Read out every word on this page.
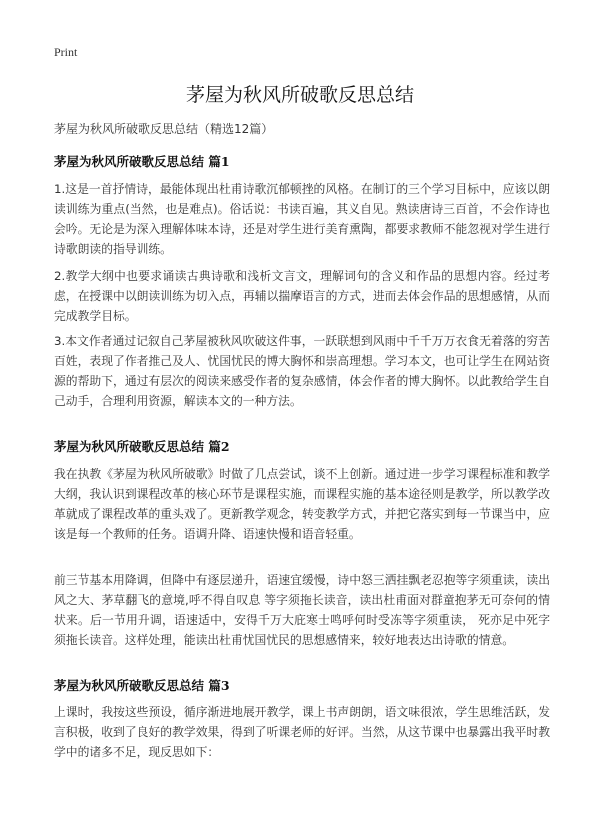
Print
茅屋为秋风所破歌反思总结
茅屋为秋风所破歌反思总结（精选12篇）
茅屋为秋风所破歌反思总结 篇1
1.这是一首抒情诗，最能体现出杜甫诗歌沉郁顿挫的风格。在制订的三个学习目标中，应该以朗读训练为重点(当然，也是难点)。俗话说：书读百遍，其义自见。熟读唐诗三百首，不会作诗也会吟。无论是为深入理解体味本诗，还是对学生进行美育熏陶，都要求教师不能忽视对学生进行诗歌朗读的指导训练。
2.教学大纲中也要求诵读古典诗歌和浅析文言文，理解词句的含义和作品的思想内容。经过考虑，在授课中以朗读训练为切入点，再辅以揣摩语言的方式，进而去体会作品的思想感情，从而完成教学目标。
3.本文作者通过记叙自己茅屋被秋风吹破这件事，一跃联想到风雨中千千万万衣食无着落的穷苦百姓，表现了作者推己及人、忧国忧民的博大胸怀和崇高理想。学习本文，也可让学生在网站资源的帮助下，通过有层次的阅读来感受作者的复杂感情，体会作者的博大胸怀。以此教给学生自己动手，合理利用资源，解读本文的一种方法。
茅屋为秋风所破歌反思总结 篇2
我在执教《茅屋为秋风所破歌》时做了几点尝试，谈不上创新。通过进一步学习课程标准和教学大纲，我认识到课程改革的核心环节是课程实施，而课程实施的基本途径则是教学，所以教学改革就成了课程改革的重头戏了。更新教学观念，转变教学方式，并把它落实到每一节课当中，应该是每一个教师的任务。语调升降、语速快慢和语音轻重。
前三节基本用降调，但降中有逐层递升，语速宜缓慢，诗中怒三洒挂飘老忍抱等字须重读，读出风之大、茅草翻飞的意境,呼不得自叹息 等字须拖长读音，读出杜甫面对群童抱茅无可奈何的情状来。后一节用升调，语速适中，安得千万大庇寒士鸣呼何时受冻等字须重读， 死亦足中死字须拖长读音。这样处理，能读出杜甫忧国忧民的思想感情来，较好地表达出诗歌的情意。
茅屋为秋风所破歌反思总结 篇3
上课时，我按这些预设，循序渐进地展开教学，课上书声朗朗，语文味很浓，学生思维活跃，发言积极，收到了良好的教学效果，得到了听课老师的好评。当然，从这节课中也暴露出我平时教学中的诸多不足，现反思如下：
